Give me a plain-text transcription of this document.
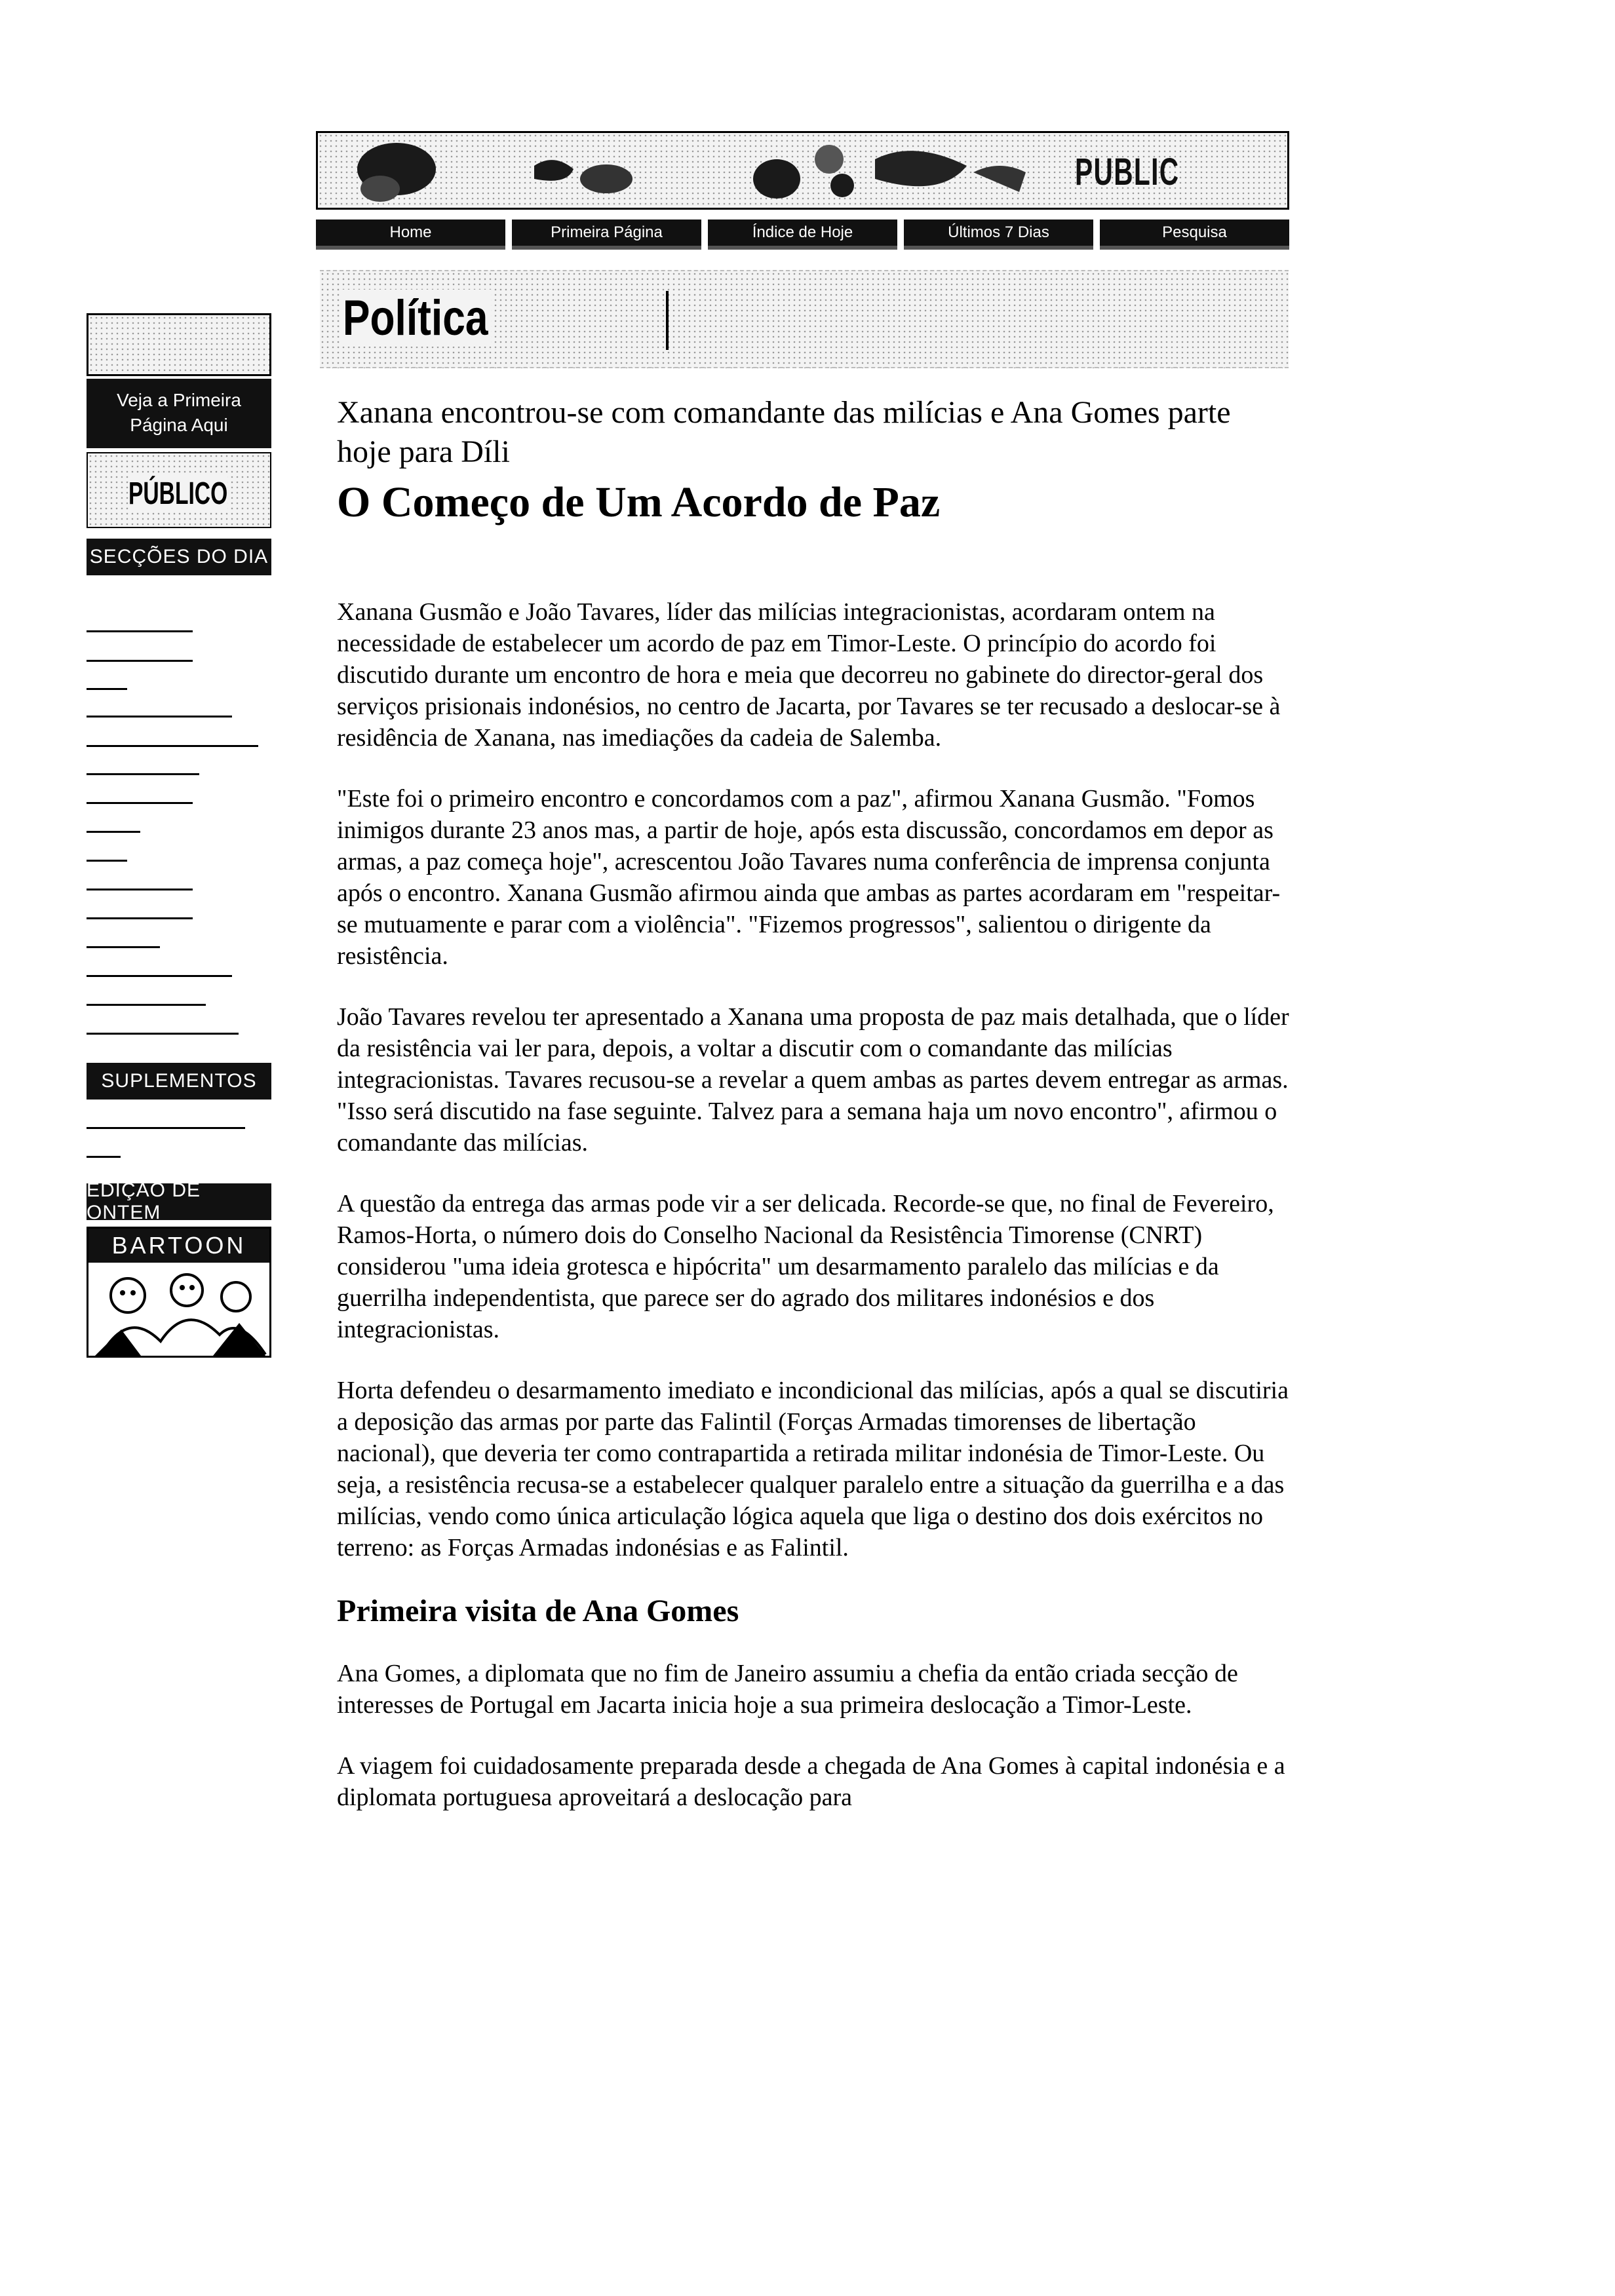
PUBLIC
Home	Primeira Página	Índice de Hoje	Últimos 7 Dias	Pesquisa
Política
Veja a Primeira
Página Aqui
PÚBLICO
SECÇÕES DO DIA
SUPLEMENTOS
EDIÇÃO DE ONTEM
BARTOON

Xanana encontrou-se com comandante das milícias e Ana Gomes parte hoje para Díli

O Começo de Um Acordo de Paz

Xanana Gusmão e João Tavares, líder das milícias integracionistas, acordaram ontem na necessidade de estabelecer um acordo de paz em Timor-Leste. O princípio do acordo foi discutido durante um encontro de hora e meia que decorreu no gabinete do director-geral dos serviços prisionais indonésios, no centro de Jacarta, por Tavares se ter recusado a deslocar-se à residência de Xanana, nas imediações da cadeia de Salemba.

"Este foi o primeiro encontro e concordamos com a paz", afirmou Xanana Gusmão. "Fomos inimigos durante 23 anos mas, a partir de hoje, após esta discussão, concordamos em depor as armas, a paz começa hoje", acrescentou João Tavares numa conferência de imprensa conjunta após o encontro. Xanana Gusmão afirmou ainda que ambas as partes acordaram em "respeitar-se mutuamente e parar com a violência". "Fizemos progressos", salientou o dirigente da resistência.

João Tavares revelou ter apresentado a Xanana uma proposta de paz mais detalhada, que o líder da resistência vai ler para, depois, a voltar a discutir com o comandante das milícias integracionistas. Tavares recusou-se a revelar a quem ambas as partes devem entregar as armas. "Isso será discutido na fase seguinte. Talvez para a semana haja um novo encontro", afirmou o comandante das milícias.

A questão da entrega das armas pode vir a ser delicada. Recorde-se que, no final de Fevereiro, Ramos-Horta, o número dois do Conselho Nacional da Resistência Timorense (CNRT) considerou "uma ideia grotesca e hipócrita" um desarmamento paralelo das milícias e da guerrilha independentista, que parece ser do agrado dos militares indonésios e dos integracionistas.

Horta defendeu o desarmamento imediato e incondicional das milícias, após a qual se discutiria a deposição das armas por parte das Falintil (Forças Armadas timorenses de libertação nacional), que deveria ter como contrapartida a retirada militar indonésia de Timor-Leste. Ou seja, a resistência recusa-se a estabelecer qualquer paralelo entre a situação da guerrilha e a das milícias, vendo como única articulação lógica aquela que liga o destino dos dois exércitos no terreno: as Forças Armadas indonésias e as Falintil.

Primeira visita de Ana Gomes

Ana Gomes, a diplomata que no fim de Janeiro assumiu a chefia da então criada secção de interesses de Portugal em Jacarta inicia hoje a sua primeira deslocação a Timor-Leste.

A viagem foi cuidadosamente preparada desde a chegada de Ana Gomes à capital indonésia e a diplomata portuguesa aproveitará a deslocação para
